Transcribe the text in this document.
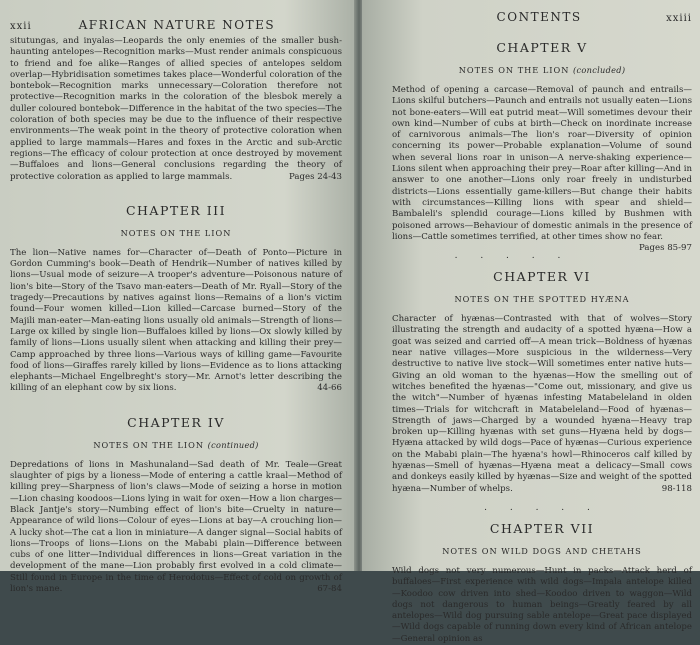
xxii	AFRICAN NATURE NOTES

situtungas, and inyalas—Leopards the only enemies of the smaller bush-haunting antelopes—Recognition marks—Must render animals conspicuous to friend and foe alike—Ranges of allied species of antelopes seldom overlap—Hybridisation sometimes takes place—Wonderful coloration of the bontebok—Recognition marks unnecessary—Coloration therefore not protective—Recognition marks in the coloration of the blesbok merely a duller coloured bontebok—Difference in the habitat of the two species—The coloration of both species may be due to the influence of their respective environments—The weak point in the theory of protective coloration when applied to large mammals—Hares and foxes in the Arctic and sub-Arctic regions—The efficacy of colour protection at once destroyed by movement—Buffaloes and lions—General conclusions regarding the theory of protective coloration as applied to large mammals.	Pages 24-43

CHAPTER III
NOTES ON THE LION

The lion—Native names for—Character of—Death of Ponto—Picture in Gordon Cumming's book—Death of Hendrik—Number of natives killed by lions—Usual mode of seizure—A trooper's adventure—Poisonous nature of lion's bite—Story of the Tsavo man-eaters—Death of Mr. Ryall—Story of the tragedy—Precautions by natives against lions—Remains of a lion's victim found—Four women killed—Lion killed—Carcase burned—Story of the Majili man-eater—Man-eating lions usually old animals—Strength of lions—Large ox killed by single lion—Buffaloes killed by lions—Ox slowly killed by family of lions—Lions usually silent when attacking and killing their prey—Camp approached by three lions—Various ways of killing game—Favourite food of lions—Giraffes rarely killed by lions—Evidence as to lions attacking elephants—Michael Engelbreght's story—Mr. Arnot's letter describing the killing of an elephant cow by six lions.	44-66

CHAPTER IV
NOTES ON THE LION (continued)

Depredations of lions in Mashunaland—Sad death of Mr. Teale—Great slaughter of pigs by a lioness—Mode of entering a cattle kraal—Method of killing prey—Sharpness of lion's claws—Mode of seizing a horse in motion—Lion chasing koodoos—Lions lying in wait for oxen—How a lion charges—Black Jantje's story—Numbing effect of lion's bite—Cruelty in nature—Appearance of wild lions—Colour of eyes—Lions at bay—A crouching lion—A lucky shot—The cat a lion in miniature—A danger signal—Social habits of lions—Troops of lions—Lions on the Mababi plain—Difference between cubs of one litter—Individual differences in lions—Great variation in the development of the mane—Lion probably first evolved in a cold climate—Still found in Europe in the time of Herodotus—Effect of cold on growth of lion's mane.	67-84

CONTENTS	xxiii
CHAPTER V
NOTES ON THE LION (concluded)

Method of opening a carcase—Removal of paunch and entrails—Lions skilful butchers—Paunch and entrails not usually eaten—Lions not bone-eaters—Will eat putrid meat—Will sometimes devour their own kind—Number of cubs at birth—Check on inordinate increase of carnivorous animals—The lion's roar—Diversity of opinion concerning its power—Probable explanation—Volume of sound when several lions roar in unison—A nerve-shaking experience—Lions silent when approaching their prey—Roar after killing—And in answer to one another—Lions only roar freely in undisturbed districts—Lions essentially game-killers—But change their habits with circumstances—Killing lions with spear and shield—Bambaleli's splendid courage—Lions killed by Bushmen with poisoned arrows—Behaviour of domestic animals in the presence of lions—Cattle sometimes terrified, at other times show no fear.
Pages 85-97

. . . . .
CHAPTER VI
NOTES ON THE SPOTTED HYÆNA

Character of hyænas—Contrasted with that of wolves—Story illustrating the strength and audacity of a spotted hyæna—How a goat was seized and carried off—A mean trick—Boldness of hyænas near native villages—More suspicious in the wilderness—Very destructive to native live stock—Will sometimes enter native huts—Giving an old woman to the hyænas—How the smelling out of witches benefited the hyænas—"Come out, missionary, and give us the witch"—Number of hyænas infesting Matabeleland in olden times—Trials for witchcraft in Matabeleland—Food of hyænas—Strength of jaws—Charged by a wounded hyæna—Heavy trap broken up—Killing hyænas with set guns—Hyæna held by dogs—Hyæna attacked by wild dogs—Pace of hyænas—Curious experience on the Mababi plain—The hyæna's howl—Rhinoceros calf killed by hyænas—Smell of hyænas—Hyæna meat a delicacy—Small cows and donkeys easily killed by hyænas—Size and weight of the spotted hyæna—Number of whelps.	98-118

. . . . .
CHAPTER VII
NOTES ON WILD DOGS AND CHETAHS

Wild dogs not very numerous—Hunt in packs—Attack herd of buffaloes—First experience with wild dogs—Impala antelope killed—Koodoo cow driven into shed—Koodoo driven to waggon—Wild dogs not dangerous to human beings—Greatly feared by all antelopes—Wild dog pursuing sable antelope—Great pace displayed—Wild dogs capable of running down every kind of African antelope—General opinion as
